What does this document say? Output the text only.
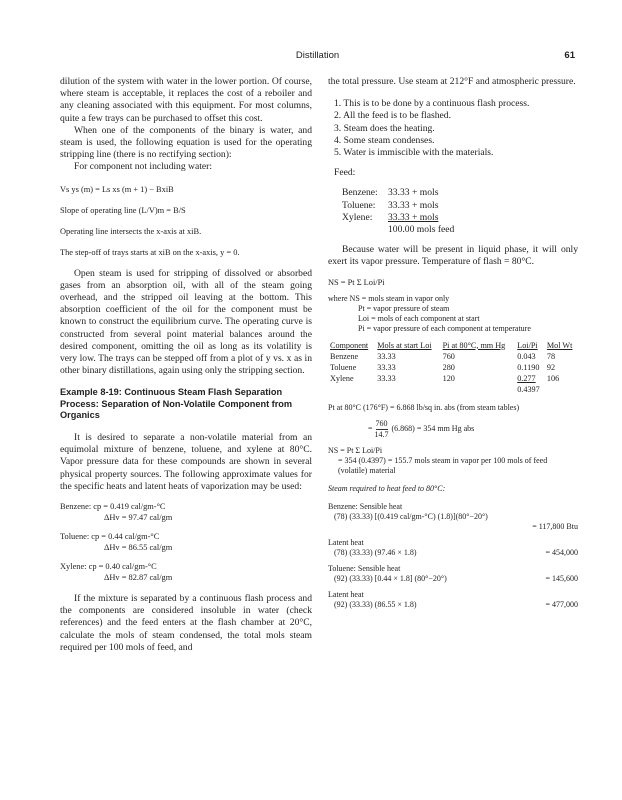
Distillation	61

dilution of the system with water in the lower portion. Of course, where steam is acceptable, it replaces the cost of a reboiler and any cleaning associated with this equipment. For most columns, quite a few trays can be purchased to offset this cost.

When one of the components of the binary is water, and steam is used, the following equation is used for the operating stripping line (there is no rectifying section):

For component not including water:

Vs ys (m) = Ls xs (m + 1) − BxiB
Slope of operating line (L/V)m = B/S
Operating line intersects the x-axis at xiB.
The step-off of trays starts at xiB on the x-axis, y = 0.

Open steam is used for stripping of dissolved or absorbed gases from an absorption oil, with all of the steam going overhead, and the stripped oil leaving at the bottom. This absorption coefficient of the oil for the component must be known to construct the equilibrium curve. The operating curve is constructed from several point material balances around the desired component, omitting the oil as long as its volatility is very low. The trays can be stepped off from a plot of y vs. x as in other binary distillations, again using only the stripping section.

Example 8-19: Continuous Steam Flash Separation Process: Separation of Non-Volatile Component from Organics

It is desired to separate a non-volatile material from an equimolal mixture of benzene, toluene, and xylene at 80°C. Vapor pressure data for these compounds are shown in several physical property sources. The following approximate values for the specific heats and latent heats of vaporization may be used:

Benzene: cp = 0.419 cal/gm-°C
ΔHv = 97.47 cal/gm
Toluene: cp = 0.44 cal/gm-°C
ΔHv = 86.55 cal/gm
Xylene: cp = 0.40 cal/gm-°C
ΔHv = 82.87 cal/gm

If the mixture is separated by a continuous flash process and the components are considered insoluble in water (check references) and the feed enters at the flash chamber at 20°C, calculate the mols of steam condensed, the total mols steam required per 100 mols of feed, and

the total pressure. Use steam at 212°F and atmospheric pressure.

1. This is to be done by a continuous flash process.
2. All the feed is to be flashed.
3. Steam does the heating.
4. Some steam condenses.
5. Water is immiscible with the materials.
Feed:
Benzene:	33.33 + mols
Toluene:	33.33 + mols
Xylene:	33.33 + mols
100.00 mols feed

Because water will be present in liquid phase, it will only exert its vapor pressure. Temperature of flash = 80°C.

NS = Pt Σ Loi/Pi
where NS = mols steam in vapor only
Pt = vapor pressure of steam
Loi = mols of each component at start
Pi = vapor pressure of each component at temperature
Component	Mols at start Loi	Pi at 80°C, mm Hg	Loi/Pi	Mol Wt
Benzene	33.33	760	0.043	78
Toluene	33.33	280	0.1190	92
Xylene	33.33	120	0.277	106
			0.4397	
Pt at 80°C (176°F) = 6.868 lb/sq in. abs (from steam tables)
= $\frac{760}{14.7} (6.868) = 354$ mm Hg abs
NS = Pt Σ Loi/Pi
= 354 (0.4397) = 155.7 mols steam in vapor per 100 mols of feed (volatile) material
Steam required to heat feed to 80°C:
Benzene: Sensible heat
(78) (33.33) [(0.419 cal/gm-°C) (1.8)](80°−20°)
= 117,800 Btu
Latent heat
(78) (33.33) (97.46 × 1.8)	= 454,000
Toluene: Sensible heat
(92) (33.33) [0.44 × 1.8] (80°−20°)	= 145,600
Latent heat
(92) (33.33) (86.55 × 1.8)	= 477,000
